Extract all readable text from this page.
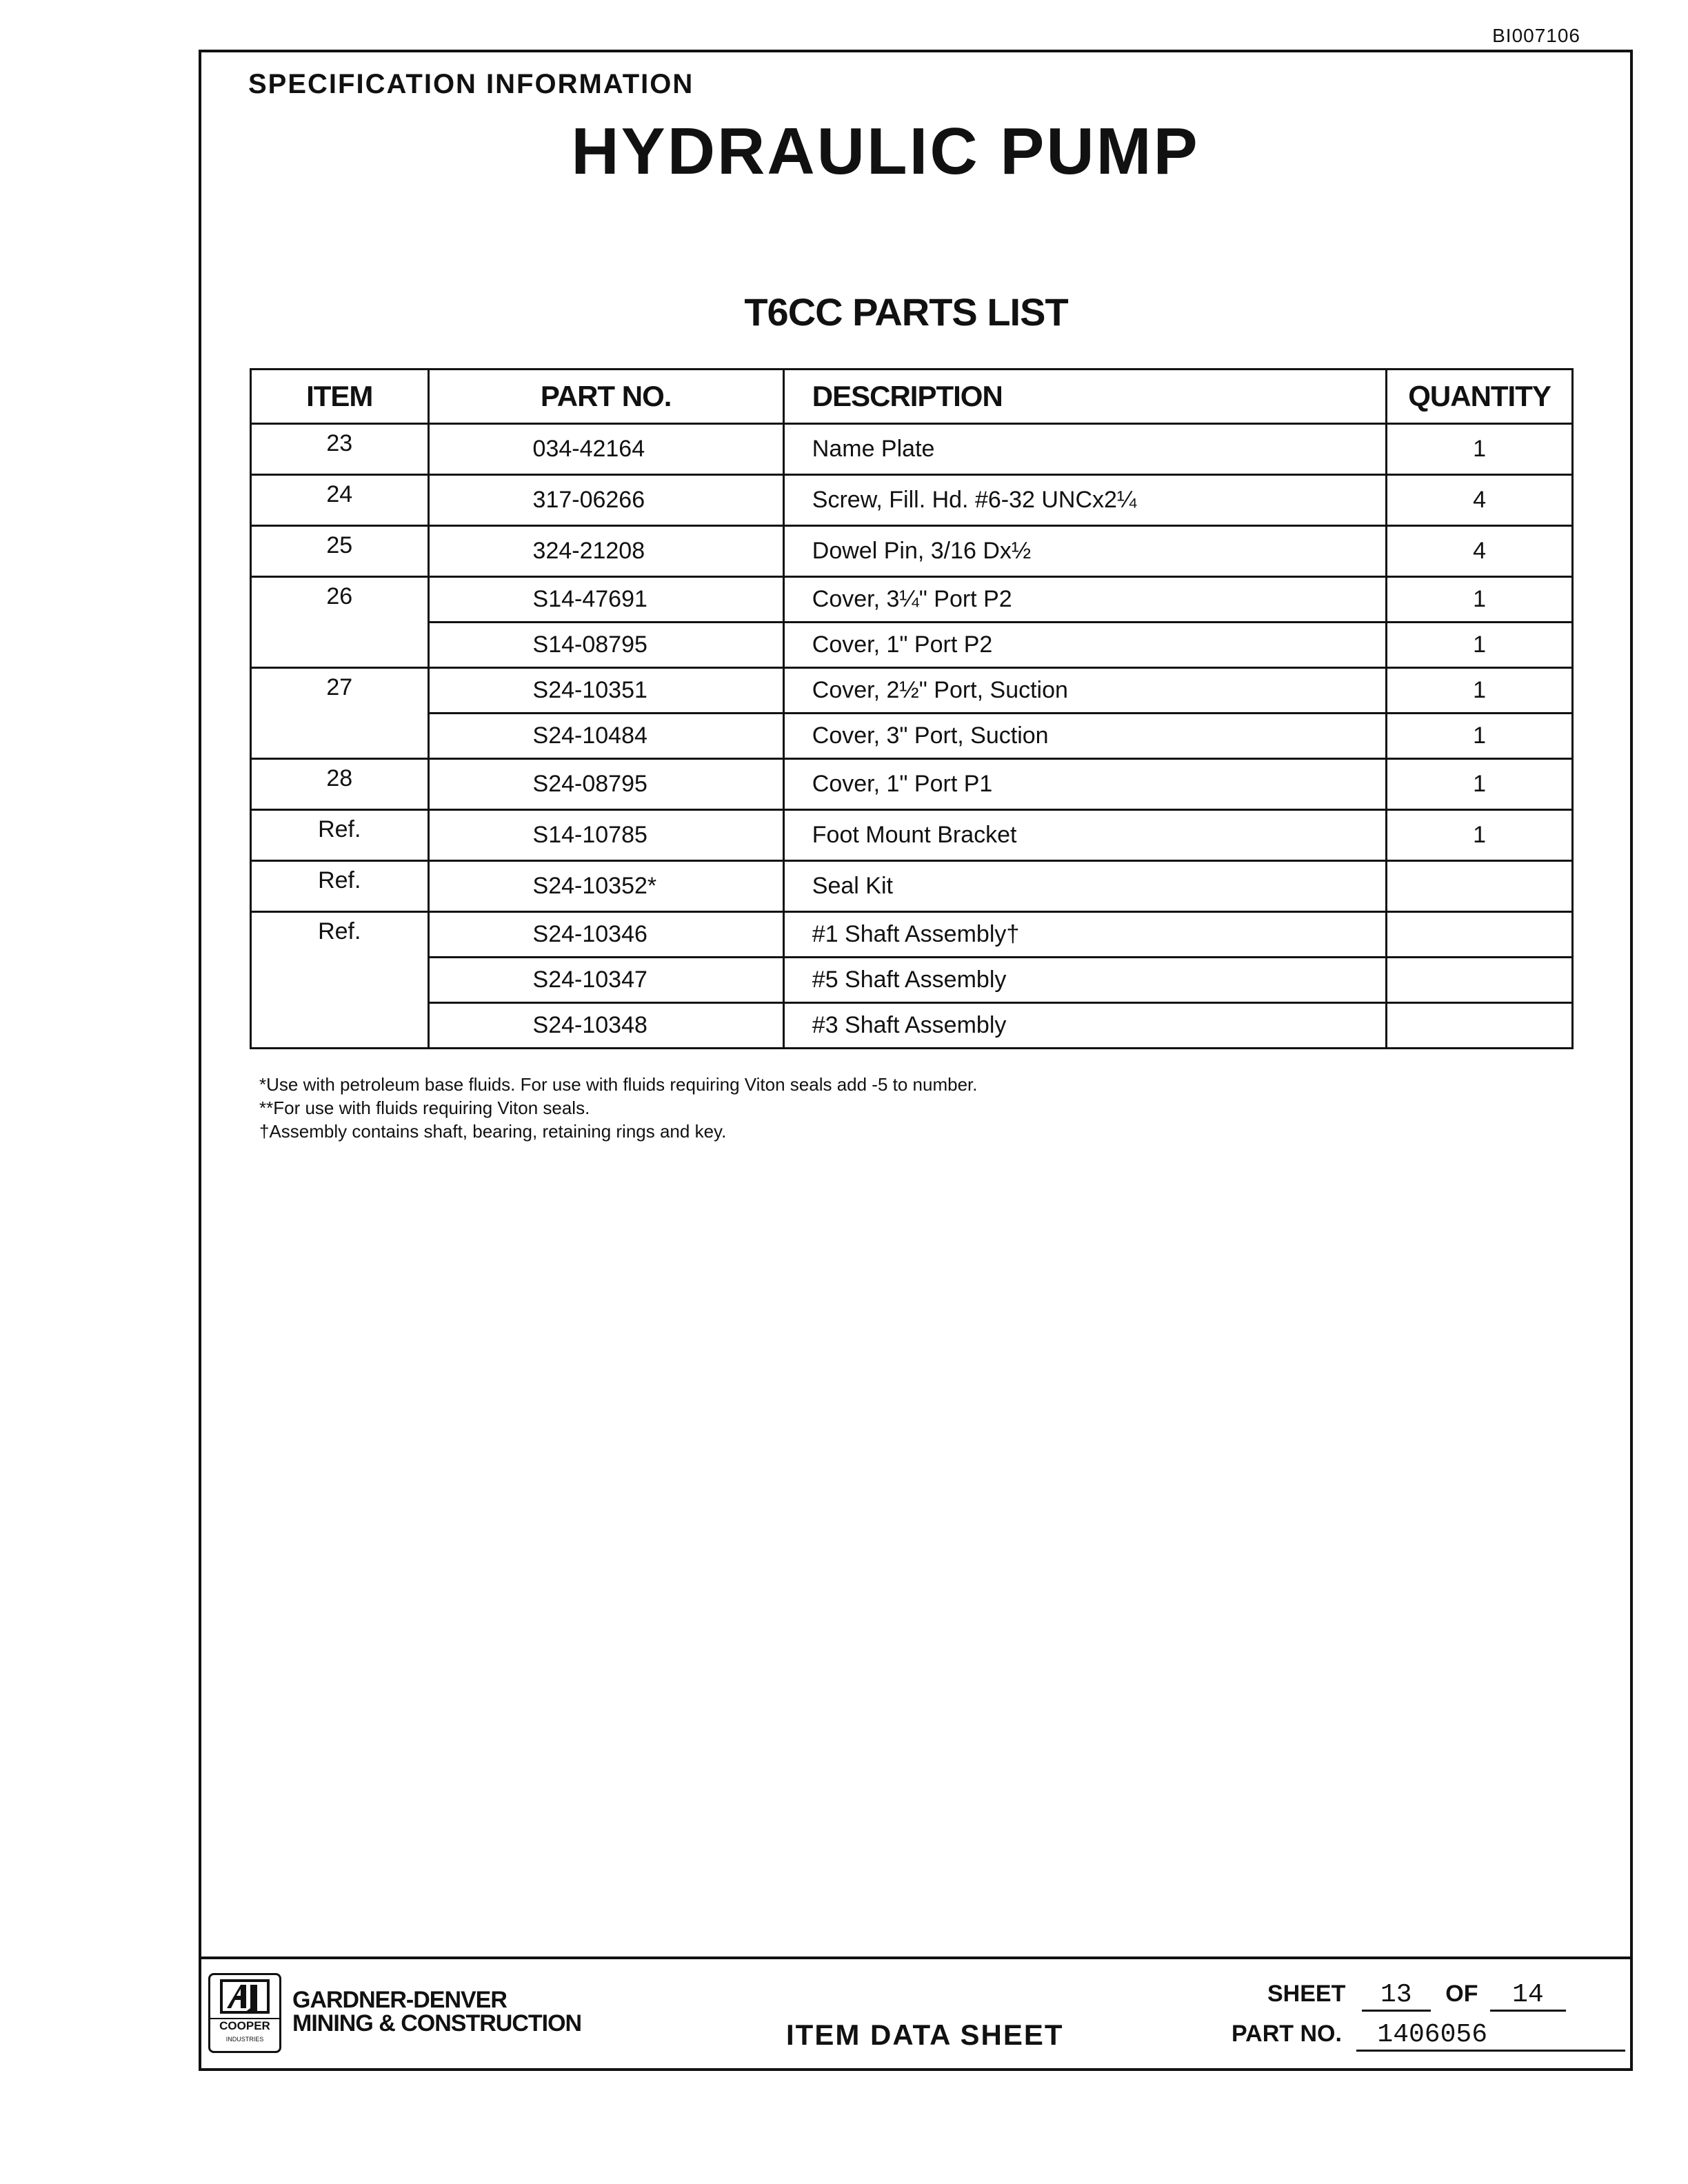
BI007106
SPECIFICATION INFORMATION
HYDRAULIC PUMP
T6CC PARTS LIST
ITEM	PART NO.	DESCRIPTION	QUANTITY
23	034-42164	Name Plate	1
24	317-06266	Screw, Fill. Hd. #6-32 UNCx2¼	4
25	324-21208	Dowel Pin, 3/16 Dx½	4
26	S14-47691	Cover, 3¼" Port P2	1
	S14-08795	Cover, 1" Port P2	1
27	S24-10351	Cover, 2½" Port, Suction	1
	S24-10484	Cover, 3" Port, Suction	1
28	S24-08795	Cover, 1" Port P1	1
Ref.	S14-10785	Foot Mount Bracket	1
Ref.	S24-10352*	Seal Kit	
Ref.	S24-10346	#1 Shaft Assembly†	
	S24-10347	#5 Shaft Assembly	
	S24-10348	#3 Shaft Assembly	
*Use with petroleum base fluids. For use with fluids requiring Viton seals add -5 to number.
**For use with fluids requiring Viton seals.
†Assembly contains shaft, bearing, retaining rings and key.
COOPER
INDUSTRIES
GARDNER-DENVER
MINING & CONSTRUCTION	ITEM DATA SHEET
SHEET 13 OF 14
PART NO. 1406056
